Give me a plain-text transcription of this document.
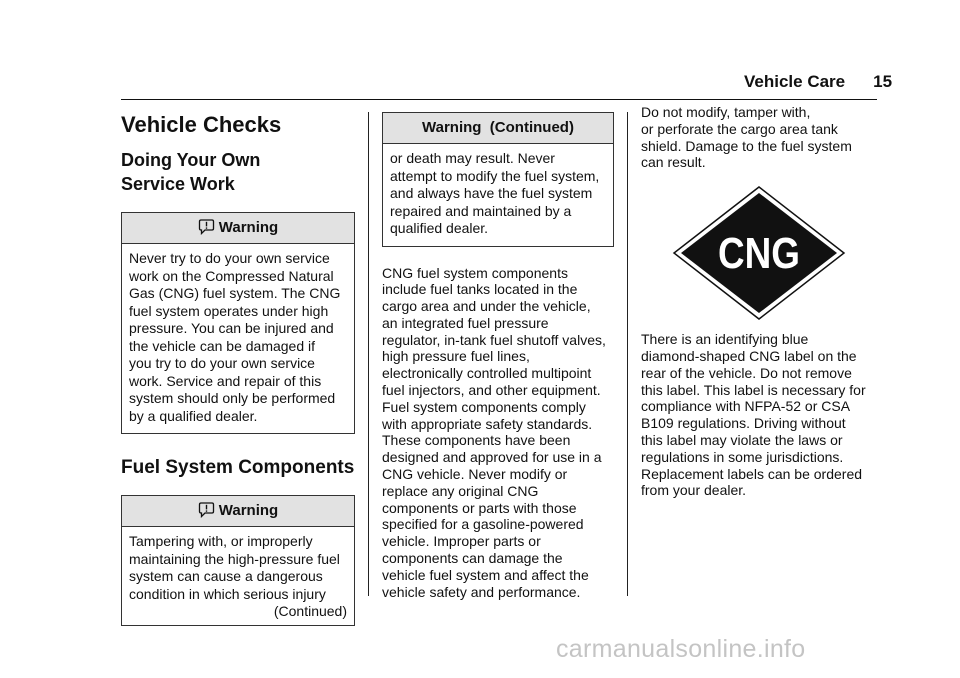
Vehicle Care 15
Vehicle Checks
Doing Your Own
Service Work
Warning
Never try to do your own service
work on the Compressed Natural
Gas (CNG) fuel system. The CNG
fuel system operates under high
pressure. You can be injured and
the vehicle can be damaged if
you try to do your own service
work. Service and repair of this
system should only be performed
by a qualified dealer.
Fuel System Components
Warning
Tampering with, or improperly
maintaining the high-pressure fuel
system can cause a dangerous
condition in which serious injury
(Continued)
Warning  (Continued)
or death may result. Never
attempt to modify the fuel system,
and always have the fuel system
repaired and maintained by a
qualified dealer.
CNG fuel system components
include fuel tanks located in the
cargo area and under the vehicle,
an integrated fuel pressure
regulator, in-tank fuel shutoff valves,
high pressure fuel lines,
electronically controlled multipoint
fuel injectors, and other equipment.
Fuel system components comply
with appropriate safety standards.
These components have been
designed and approved for use in a
CNG vehicle. Never modify or
replace any original CNG
components or parts with those
specified for a gasoline-powered
vehicle. Improper parts or
components can damage the
vehicle fuel system and affect the
vehicle safety and performance.
Do not modify, tamper with,
or perforate the cargo area tank
shield. Damage to the fuel system
can result.
CNG
There is an identifying blue
diamond-shaped CNG label on the
rear of the vehicle. Do not remove
this label. This label is necessary for
compliance with NFPA-52 or CSA
B109 regulations. Driving without
this label may violate the laws or
regulations in some jurisdictions.
Replacement labels can be ordered
from your dealer.
carmanualsonline.info
